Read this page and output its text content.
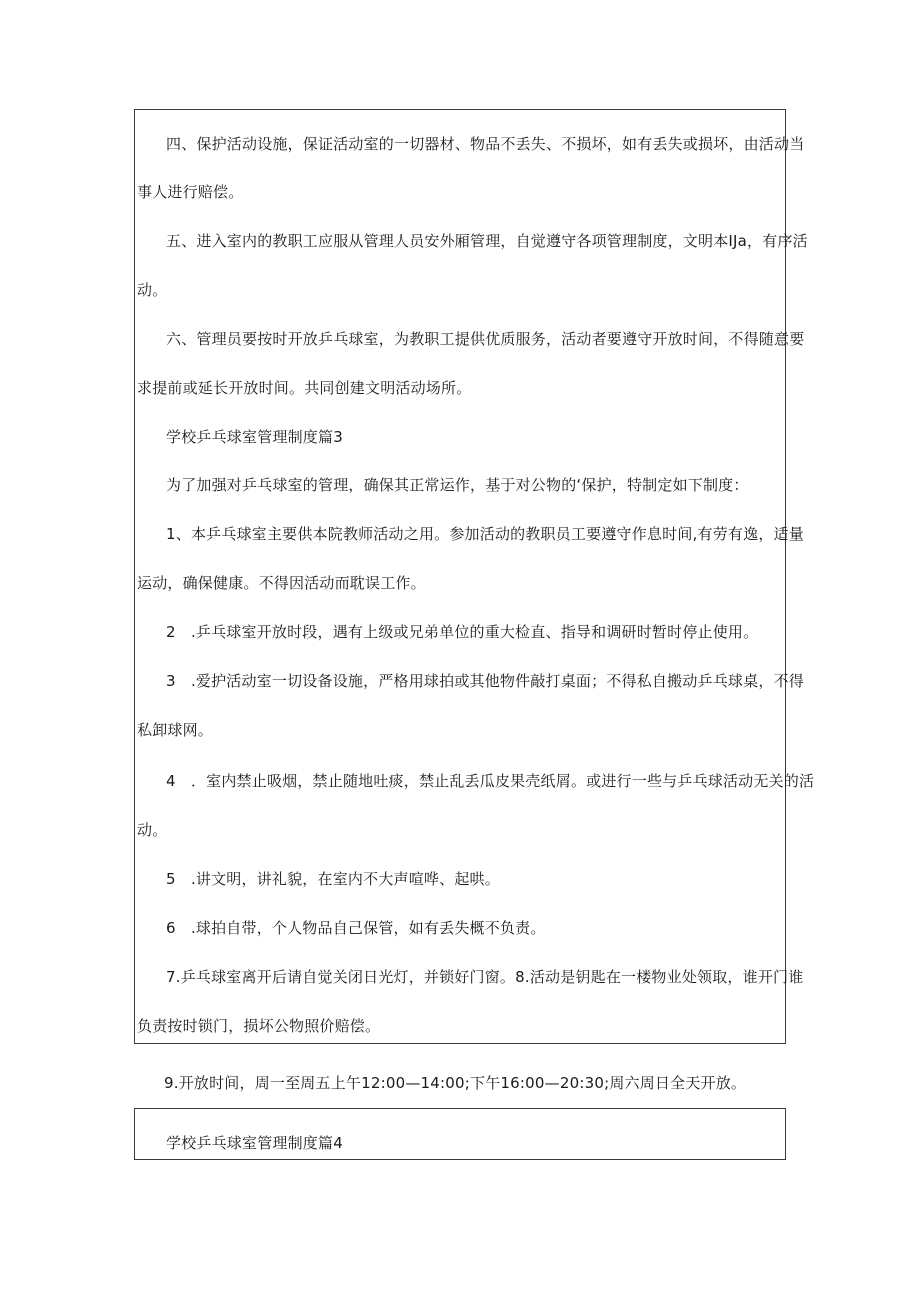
四、保护活动设施，保证活动室的一切器材、物品不丢失、不损坏，如有丢失或损坏，由活动当
事人进行赔偿。
五、进入室内的教职工应服从管理人员安外厢管理，自觉遵守各项管理制度，文明本IJa，有序活
动。
六、管理员要按时开放乒乓球室，为教职工提供优质服务，活动者要遵守开放时间，不得随意要
求提前或延长开放时间。共同创建文明活动场所。
学校乒乓球室管理制度篇3
为了加强对乒乓球室的管理，确保其正常运作，基于对公物的‘保护，特制定如下制度：
1、本乒乓球室主要供本院教师活动之用。参加活动的教职员工要遵守作息时间,有劳有逸，适量
运动，确保健康。不得因活动而耽误工作。
2　.乒乓球室开放时段，遇有上级或兄弟单位的重大检直、指导和调研时暂时停止使用。
3　.爱护活动室一切设备设施，严格用球拍或其他物件敲打桌面；不得私自搬动乒乓球桌，不得
私卸球网。
4　．室内禁止吸烟，禁止随地吐痰，禁止乱丢瓜皮果壳纸屑。或进行一些与乒乓球活动无关的活
动。
5　.讲文明，讲礼貌，在室内不大声喧哗、起哄。
6　.球拍自带，个人物品自己保管，如有丢失概不负责。
7.乒乓球室离开后请自觉关闭日光灯，并锁好门窗。8.活动是钥匙在一楼物业处领取，谁开门谁
负责按时锁门，损坏公物照价赔偿。
9.开放时间，周一至周五上午12:00—14:00;下午16:00—20:30;周六周日全天开放。
学校乒乓球室管理制度篇4
